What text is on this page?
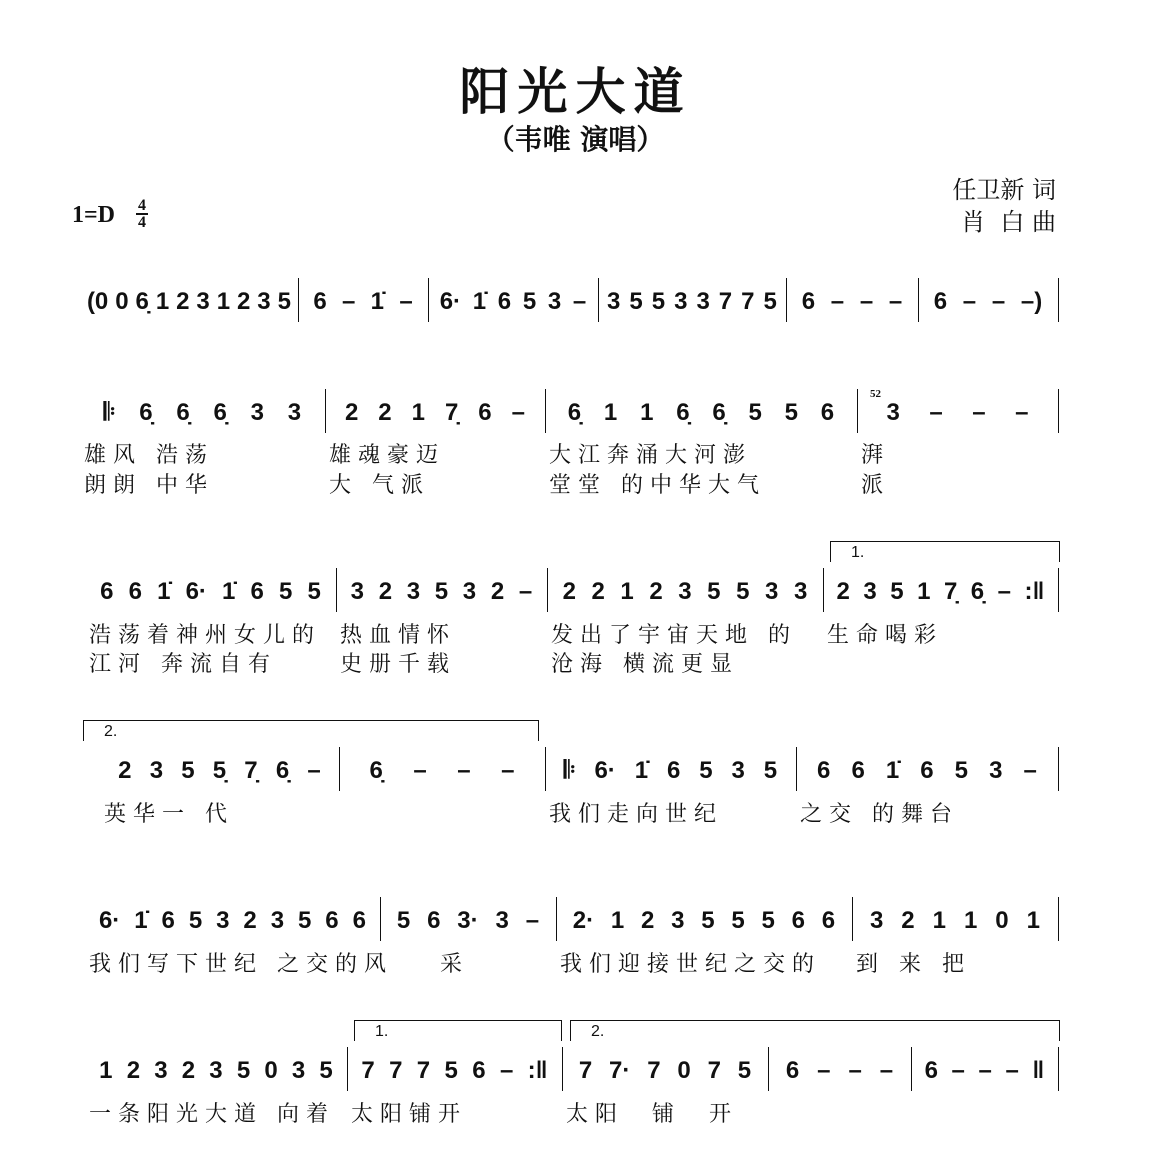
阳光大道
（韦唯 演唱）
任卫新 词
肖  白 曲
1=D 4
4
52
1.
2.
1.	2.
(0 0 6̣ 1 2 3 1 2 3 5 6 – 1̇ – 6· 1̇ 6 5 3 – 3 5 5 3 3 7 7 5 6 – – – 6 – – –)
𝄆 6̣ 6̣ 6̣ 3 3 2 2 1 7̣ 6 – 6̣ 1 1 6̣ 6̣ 5 5 6 3 – – –
雄风 浩荡	雄魂豪迈	大江奔涌大河澎	湃
朗朗 中华	大 气派	堂堂 的中华大气	派
6 6 1̇ 6· 1̇ 6 5 5 3 2 3 5 3 2 – 2 2 1 2 3 5 5 3 3 2 3 5 1 7̣ 6̣ – :‖
浩荡着神州女儿的 热血情怀	发出了宇宙天地 的 生命喝彩
江河 奔流自有	史册千载	沧海 横流更显
2 3 5 5̣ 7̣ 6̣ – 6̣ – – – 𝄆 6· 1̇ 6 5 3 5 6 6 1̇ 6 5 3 –
英华一 代	我们走向世纪	之交 的舞台
6· 1̇ 6 5 3 2 3 5 6 6 5 6 3· 3 – 2· 1 2 3 5 5 5 6 6 3 2 1 1 0 1
我们写下世纪 之交的风 采	我们迎接世纪之交的 到 来 把
1 2 3 2 3 5 0 3 5 7 7 7 5 6 – :‖ 7 7· 7 0 7 5 6 – – – 6 – – – ‖
一条阳光大道 向着 太阳铺开	太阳  铺  开
